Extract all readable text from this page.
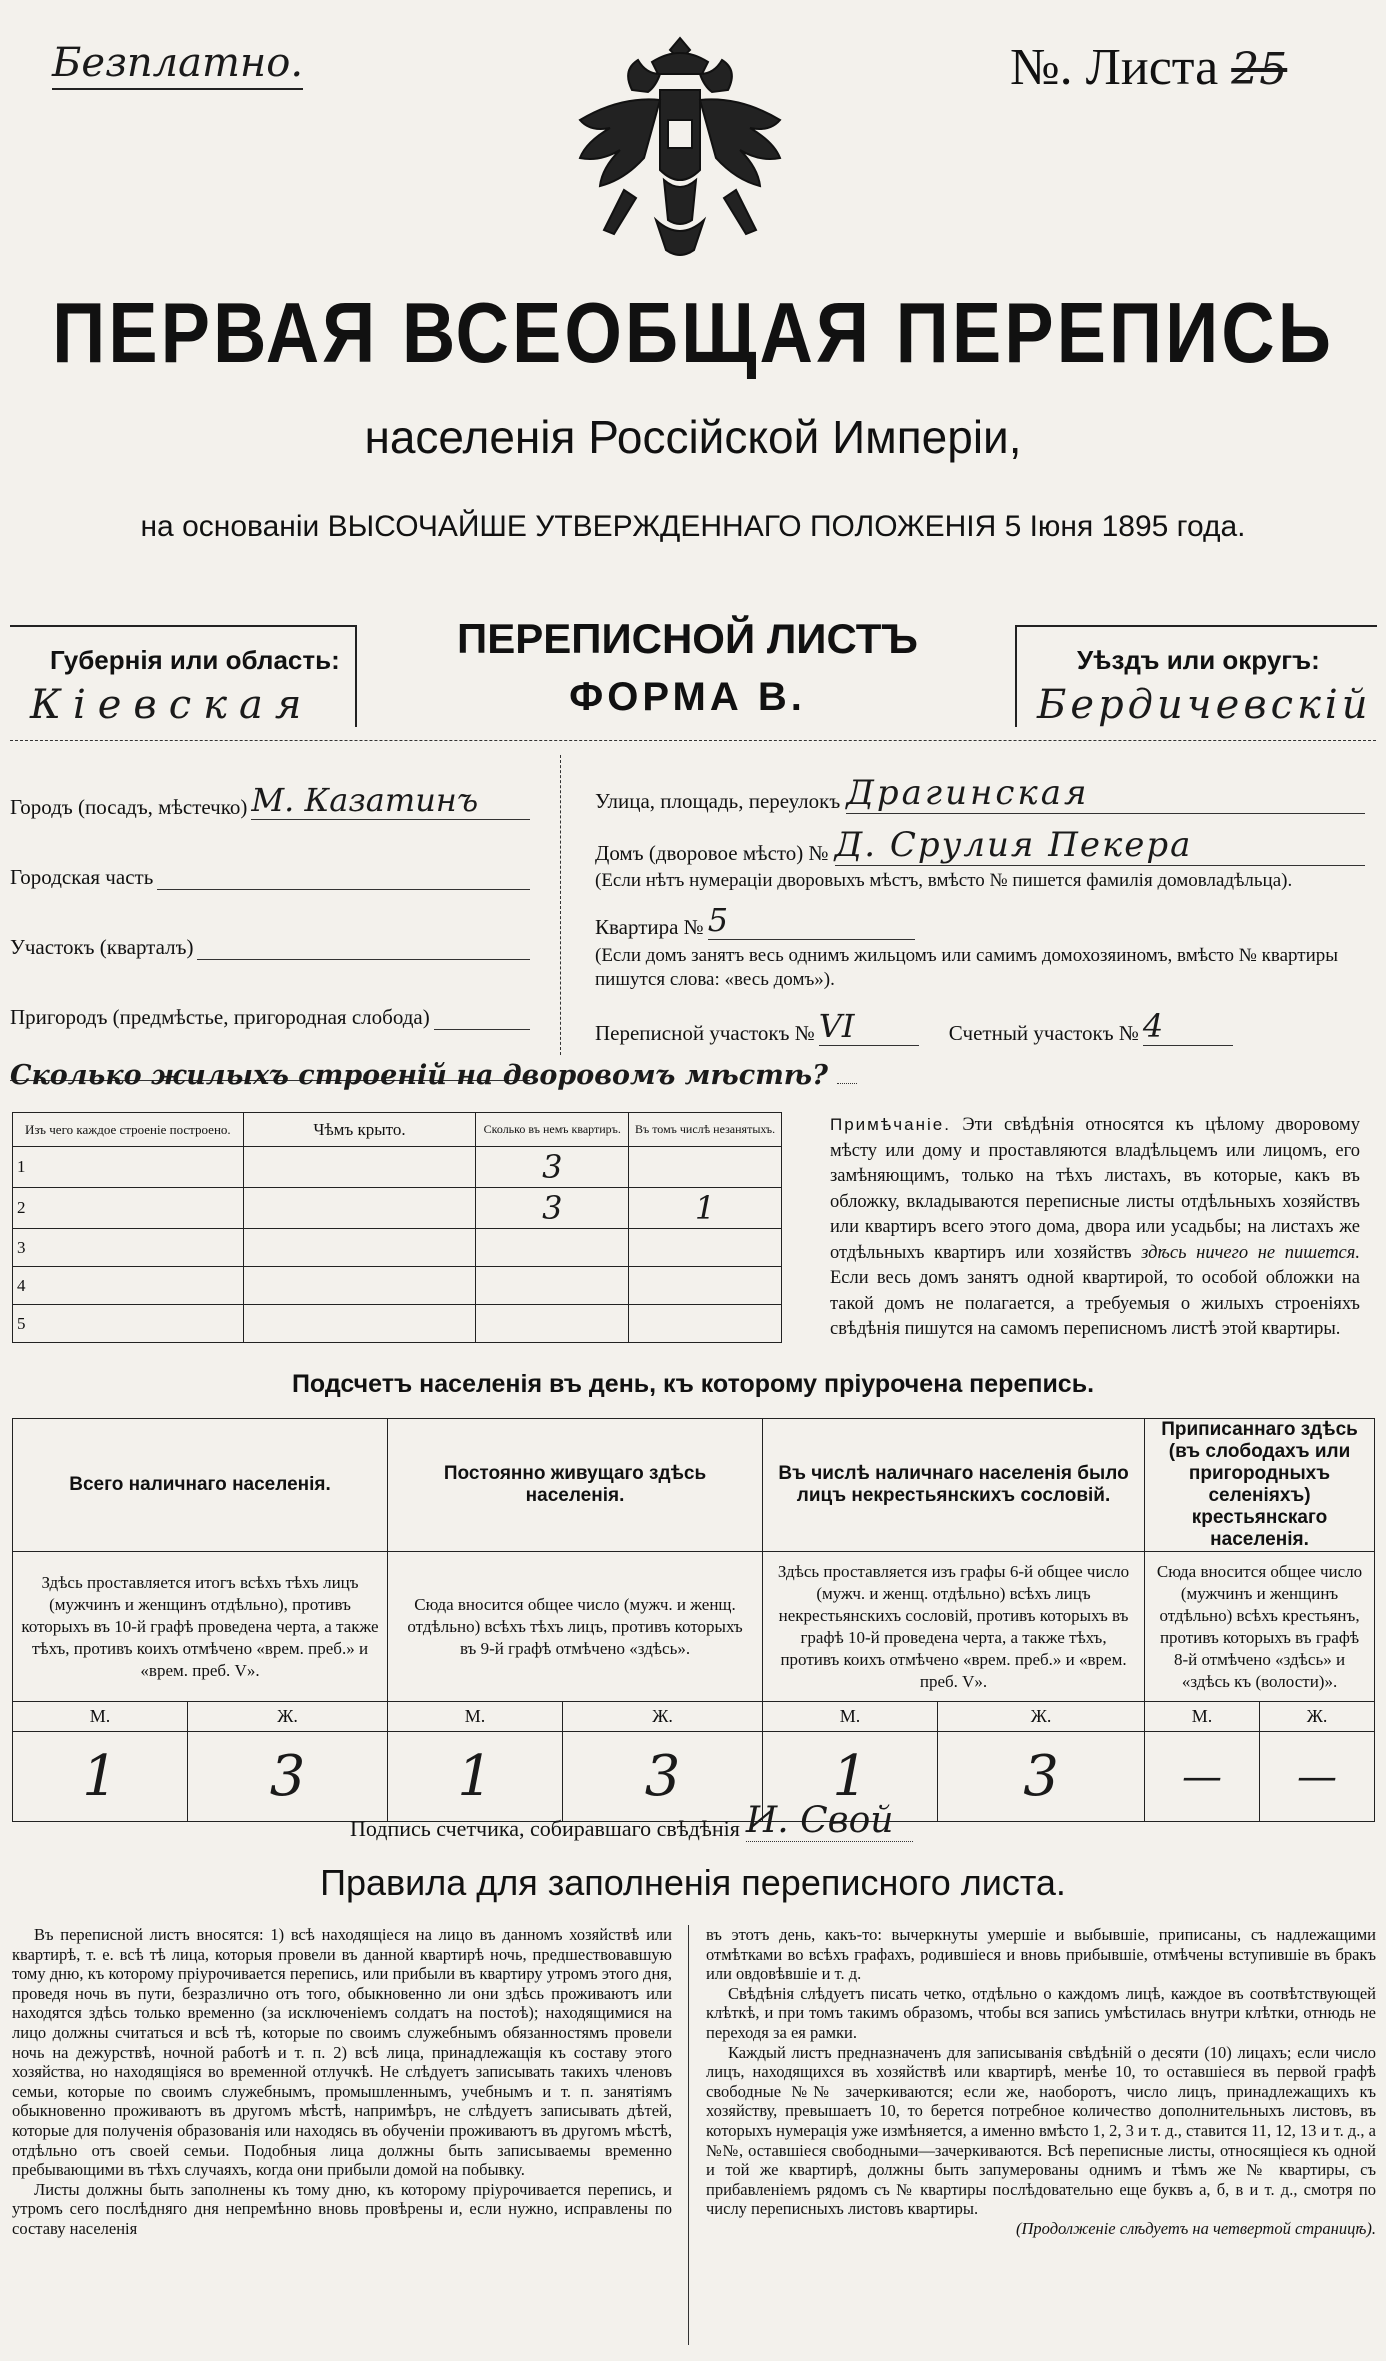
Безплатно.	№. Листа 25
ПЕРВАЯ ВСЕОБЩАЯ ПЕРЕПИСЬ
населенія Россійской Имперіи,
на основаніи ВЫСОЧАЙШЕ УТВЕРЖДЕННАГО ПОЛОЖЕНІЯ 5 Іюня 1895 года.
Губернія или область:
Кіевская
ПЕРЕПИСНОЙ ЛИСТЪ
ФОРМА В.
Уѣздъ или округъ:
Бердичевскій
Городъ (посадъ, мѣстечко) М. Казатинъ
Городская часть
Участокъ (кварталъ)
Пригородъ (предмѣстье, пригородная слобода)
Улица, площадь, переулокъ Драгинская
Домъ (дворовое мѣсто) № Д. Срулия Пекера
(Если нѣтъ нумераціи дворовыхъ мѣстъ, вмѣсто № пишется фамилія домовладѣльца).
Квартира № 5
(Если домъ занятъ весь однимъ жильцомъ или самимъ домохозяиномъ, вмѣсто № квартиры пишутся слова: «весь домъ»).
Переписной участокъ № VI	Счетный участокъ № 4
Сколько жилыхъ строеній на дворовомъ мѣстѣ?
Изъ чего каждое строеніе построено.	Чѣмъ крыто.	Сколько въ немъ квартиръ.	Въ томъ числѣ незанятыхъ.
1		3	
2		3	1
3			
4			
5			
Примѣчаніе. Эти свѣдѣнія относятся къ цѣлому дворовому мѣсту или дому и проставляются владѣльцемъ или лицомъ, его замѣняющимъ, только на тѣхъ листахъ, въ которые, какъ въ обложку, вкладываются переписные листы отдѣльныхъ хозяйствъ или квартиръ всего этого дома, двора или усадьбы; на листахъ же отдѣльныхъ квартиръ или хозяйствъ здѣсь ничего не пишется. Если весь домъ занятъ одной квартирой, то особой обложки на такой домъ не полагается, а требуемыя о жилыхъ строеніяхъ свѣдѣнія пишутся на самомъ переписномъ листѣ этой квартиры.
Подсчетъ населенія въ день, къ которому пріурочена перепись.
Всего наличнаго населенія.		Постоянно живущаго здѣсь населенія.		Въ числѣ наличнаго населенія было лицъ некрестьянскихъ сословій.		Приписаннаго здѣсь (въ слободахъ или пригородныхъ селеніяхъ) крестьянскаго населенія.	
Здѣсь проставляется итогъ всѣхъ тѣхъ лицъ (мужчинъ и женщинъ отдѣльно), противъ которыхъ въ 10-й графѣ проведена черта, а также тѣхъ, противъ коихъ отмѣчено «врем. преб.» и «врем. преб. V».		Сюда вносится общее число (мужч. и женщ. отдѣльно) всѣхъ тѣхъ лицъ, противъ которыхъ въ 9-й графѣ отмѣчено «здѣсь».		Здѣсь проставляется изъ графы 6-й общее число (мужч. и женщ. отдѣльно) всѣхъ лицъ некрестьянскихъ сословій, противъ которыхъ въ графѣ 10-й проведена черта, а также тѣхъ, противъ коихъ отмѣчено «врем. преб.» и «врем. преб. V».		Сюда вносится общее число (мужчинъ и женщинъ отдѣльно) всѣхъ крестьянъ, противъ которыхъ въ графѣ 8-й отмѣчено «здѣсь» и «здѣсь къ (волости)».	
М.	Ж.	М.	Ж.	М.	Ж.	М.	Ж.
1	3	1	3	1	3	—	—
Подпись счетчика, собиравшаго свѣдѣнія И. Свой
Правила для заполненія переписного листа.

Въ переписной листъ вносятся: 1) всѣ находящіеся на лицо въ данномъ хозяйствѣ или квартирѣ, т. е. всѣ тѣ лица, которыя провели въ данной квартирѣ ночь, предшествовавшую тому дню, къ которому пріурочивается перепись, или прибыли въ квартиру утромъ этого дня, проведя ночь въ пути, безразлично отъ того, обыкновенно ли они здѣсь проживаютъ или находятся здѣсь только временно (за исключеніемъ солдатъ на постоѣ); находящимися на лицо должны считаться и всѣ тѣ, которые по своимъ служебнымъ обязанностямъ провели ночь на дежурствѣ, ночной работѣ и т. п. 2) всѣ лица, принадлежащія къ составу этого хозяйства, но находящіяся во временной отлучкѣ. Не слѣдуетъ записывать такихъ членовъ семьи, которые по своимъ служебнымъ, промышленнымъ, учебнымъ и т. п. занятіямъ обыкновенно проживаютъ въ другомъ мѣстѣ, напримѣръ, не слѣдуетъ записывать дѣтей, которые для полученія образованія или находясь въ обученіи проживаютъ въ другомъ мѣстѣ, отдѣльно отъ своей семьи. Подобныя лица должны быть записываемы временно пребывающими въ тѣхъ случаяхъ, когда они прибыли домой на побывку.

Листы должны быть заполнены къ тому дню, къ которому пріурочивается перепись, и утромъ сего послѣдняго дня непремѣнно вновь провѣрены и, если нужно, исправлены по составу населенія

въ этотъ день, какъ-то: вычеркнуты умершіе и выбывшіе, приписаны, съ надлежащими отмѣтками во всѣхъ графахъ, родившіеся и вновь прибывшіе, отмѣчены вступившіе въ бракъ или овдовѣвшіе и т. д.

Свѣдѣнія слѣдуетъ писать четко, отдѣльно о каждомъ лицѣ, каждое въ соотвѣтствующей клѣткѣ, и при томъ такимъ образомъ, чтобы вся запись умѣстилась внутри клѣтки, отнюдь не переходя за ея рамки.

Каждый листъ предназначенъ для записыванія свѣдѣній о десяти (10) лицахъ; если число лицъ, находящихся въ хозяйствѣ или квартирѣ, менѣе 10, то оставшіеся въ первой графѣ свободные №№ зачеркиваются; если же, наоборотъ, число лицъ, принадлежащихъ къ хозяйству, превышаетъ 10, то берется потребное количество дополнительныхъ листовъ, въ которыхъ нумерація уже измѣняется, а именно вмѣсто 1, 2, 3 и т. д., ставится 11, 12, 13 и т. д., а №№, оставшіеся свободными—зачеркиваются. Всѣ переписные листы, относящіеся къ одной и той же квартирѣ, должны быть запумерованы однимъ и тѣмъ же № квартиры, съ прибавленіемъ рядомъ съ № квартиры послѣдовательно еще буквъ а, б, в и т. д., смотря по числу переписныхъ листовъ квартиры.

(Продолженіе слѣдуетъ на четвертой страницѣ).
